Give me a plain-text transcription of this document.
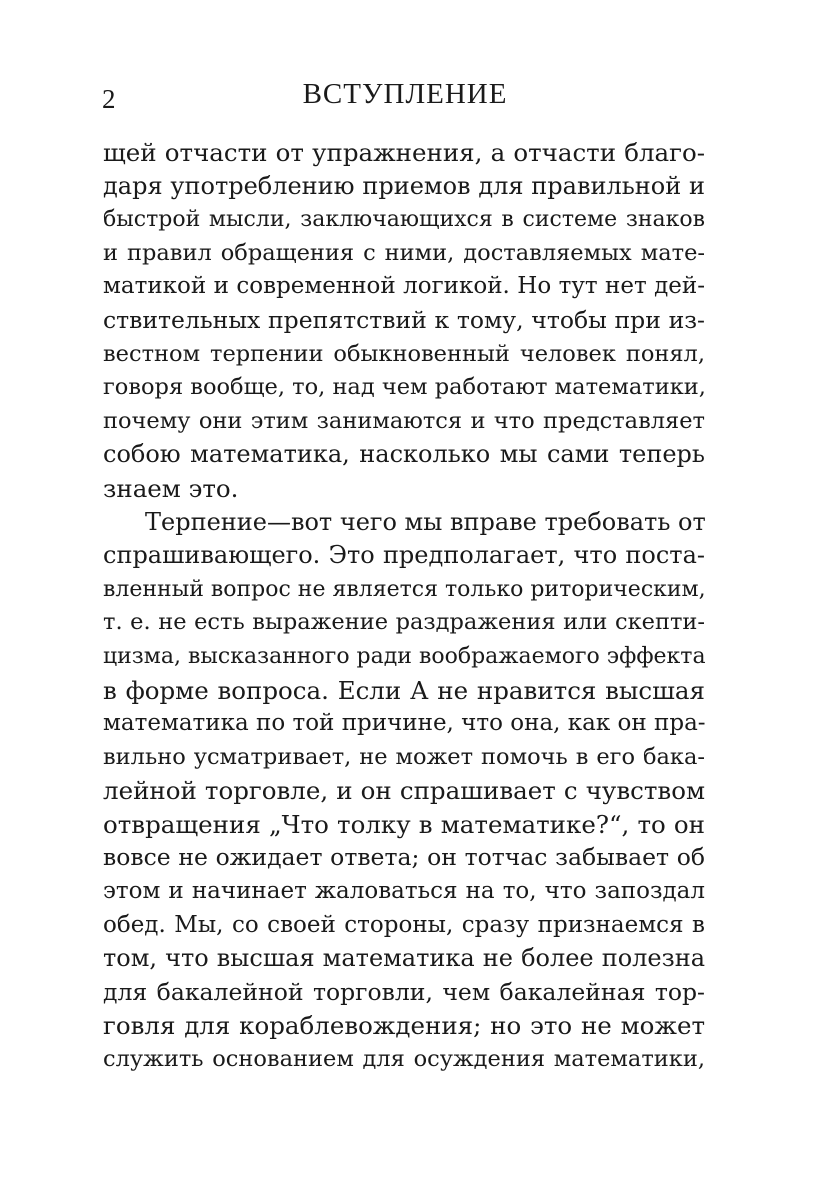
2	ВСТУПЛЕНИЕ
щей отчасти от упражнения, а отчасти благо-
даря употреблению приемов для правильной и
быстрой мысли, заключающихся в системе знаков
и правил обращения с ними, доставляемых мате-
матикой и современной логикой. Но тут нет дей-
ствительных препятствий к тому, чтобы при из-
вестном терпении обыкновенный человек понял,
говоря вообще, то, над чем работают математики,
почему они этим занимаются и что представляет
собою математика, насколько мы сами теперь
знаем это.
Терпение—вот чего мы вправе требовать от
спрашивающего. Это предполагает, что поста-
вленный вопрос не является только риторическим,
т. е. не есть выражение раздражения или скепти-
цизма, высказанного ради воображаемого эффекта
в форме вопроса. Если А не нравится высшая
математика по той причине, что она, как он пра-
вильно усматривает, не может помочь в его бака-
лейной торговле, и он спрашивает с чувством
отвращения „Что толку в математике?“, то он
вовсе не ожидает ответа; он тотчас забывает об
этом и начинает жаловаться на то, что запоздал
обед. Мы, со своей стороны, сразу признаемся в
том, что высшая математика не более полезна
для бакалейной торговли, чем бакалейная тор-
говля для кораблевождения; но это не может
служить основанием для осуждения математики,
